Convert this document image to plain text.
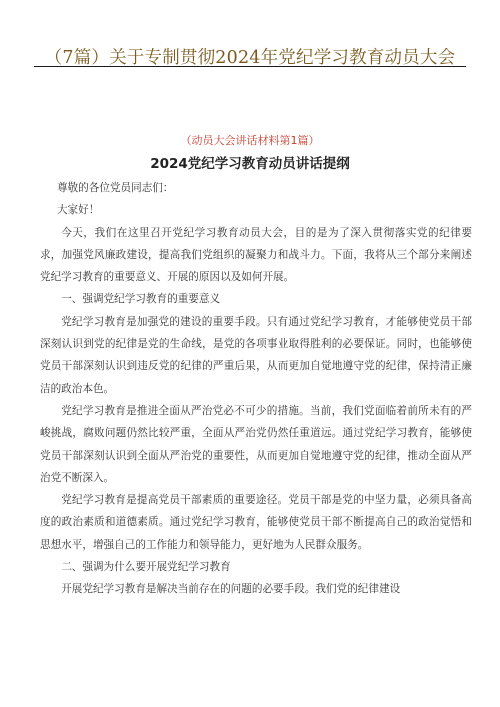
（7篇）关于专制贯彻2024年党纪学习教育动员大会
（动员大会讲话材料第1篇）
2024党纪学习教育动员讲话提纲

尊敬的各位党员同志们：

大家好！

今天，我们在这里召开党纪学习教育动员大会，目的是为了深入贯彻落实党的纪律要求，加强党风廉政建设，提高我们党组织的凝聚力和战斗力。下面，我将从三个部分来阐述党纪学习教育的重要意义、开展的原因以及如何开展。

一、强调党纪学习教育的重要意义

党纪学习教育是加强党的建设的重要手段。只有通过党纪学习教育，才能够使党员干部深刻认识到党的纪律是党的生命线，是党的各项事业取得胜利的必要保证。同时，也能够使党员干部深刻认识到违反党的纪律的严重后果，从而更加自觉地遵守党的纪律，保持清正廉洁的政治本色。

党纪学习教育是推进全面从严治党必不可少的措施。当前，我们党面临着前所未有的严峻挑战，腐败问题仍然比较严重，全面从严治党仍然任重道远。通过党纪学习教育，能够使党员干部深刻认识到全面从严治党的重要性，从而更加自觉地遵守党的纪律，推动全面从严治党不断深入。

党纪学习教育是提高党员干部素质的重要途径。党员干部是党的中坚力量，必须具备高度的政治素质和道德素质。通过党纪学习教育，能够使党员干部不断提高自己的政治觉悟和思想水平，增强自己的工作能力和领导能力，更好地为人民群众服务。

二、强调为什么要开展党纪学习教育

开展党纪学习教育是解决当前存在的问题的必要手段。我们党的纪律建设
